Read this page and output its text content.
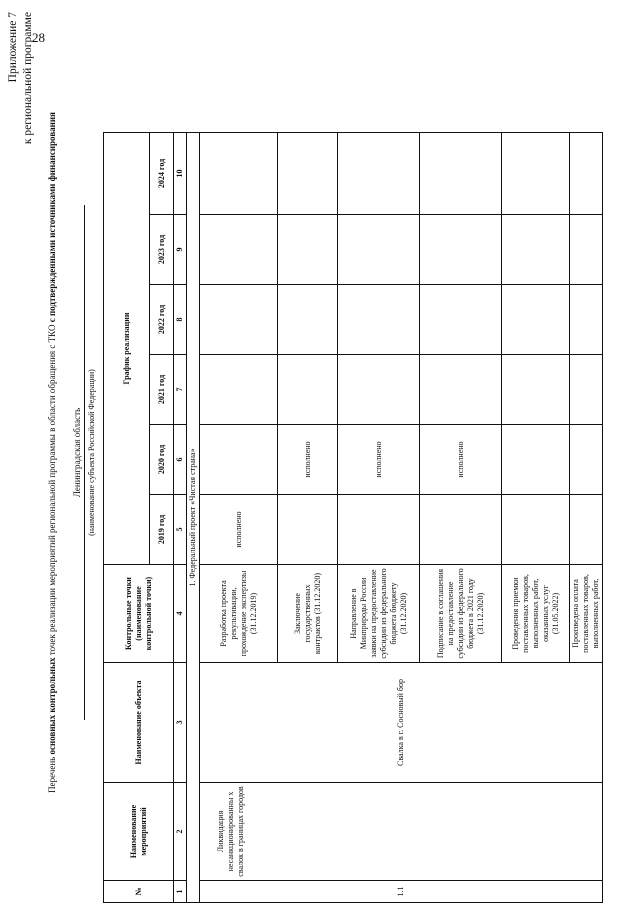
28
Приложение 7 к региональной программе
Перечень основных контрольных точек реализации мероприятий региональной программы в области обращения с ТКО с подтвержденными источниками финансирования
Ленинградская область (наименование субъекта Российской Федерации)
№	Наименование мероприятий	Наименование объекта	Контрольные точки (наименование контрольной точки)	График реализации					
				2019 год	2020 год	2021 год	2022 год	2023 год	2024 год
1	2	3	4	5	6	7	8	9	10
1. Федеральный проект «Чистая страна»									
1.1	Ликвидация несанкционированны х свалок в границах городов	Свалка в г. Сосновый бор	Разработка проекта рекультивации, прохождение экспертизы (31.12.2019)	исполнено					
			Заключение государственных контрактов (31.12.2020)		исполнено				
			Направление в Минприроды России заявки на предоставление субсидии из федерального бюджета бюджету (31.12.2020)		исполнено				
			Подписание в соглашения на предоставление субсидии из федерального бюджета в 2021 году (31.12.2020)		исполнено				
			Проведения приемки поставленных товаров, выполненных работ, оказанных услуг (31.05.2022)						
			Произведена оплата поставленных товаров, выполненных работ,						
